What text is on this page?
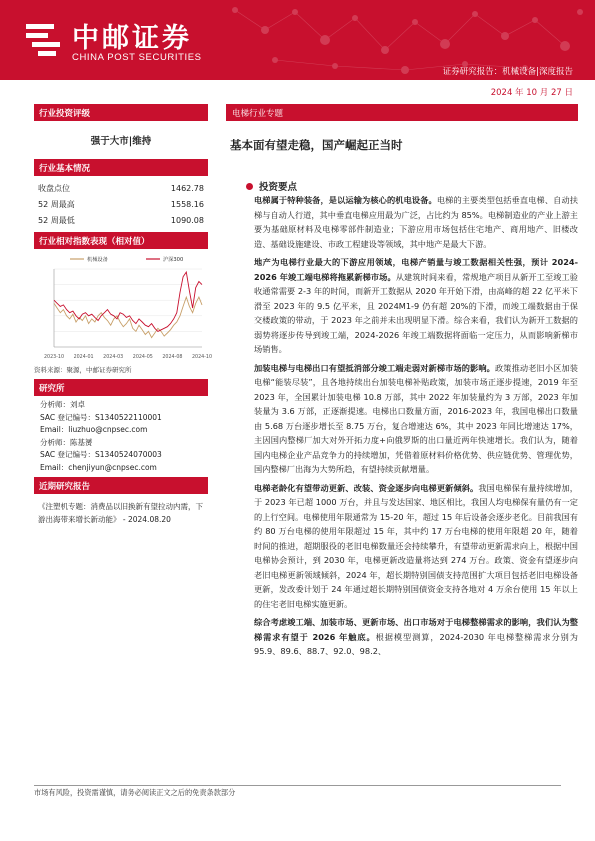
中邮证券
CHINA POST SECURITIES
证券研究报告：机械设备|深度报告
2024 年 10 月 27 日
行业投资评级
强于大市|维持
行业基本情况
收盘点位	1462.78
52 周最高	1558.16
52 周最低	1090.08
行业相对指数表现（相对值）
2023-10 2024-01 2024-03 2024-05 2024-08 2024-10
机械设备	沪深300
资料来源：聚源，中邮证券研究所
研究所
分析师：刘卓
SAC 登记编号：S1340522110001
Email：liuzhuo@cnpsec.com
分析师：陈基赟
SAC 登记编号：S1340524070003
Email：chenjiyun@cnpsec.com
近期研究报告
《注塑机专题：消费品以旧换新有望拉动内需，下游出海带来增长新动能》 - 2024.08.20
电梯行业专题
基本面有望走稳，国产崛起正当时
投资要点

电梯属于特种装备，是以运输为核心的机电设备。电梯的主要类型包括垂直电梯、自动扶梯与自动人行道，其中垂直电梯应用最为广泛，占比约为 85%。电梯制造业的产业上游主要为基础原材料及电梯零部件制造业；下游应用市场包括住宅地产、商用地产、旧楼改造、基础设施建设、市政工程建设等领域，其中地产是最大下游。

地产为电梯行业最大的下游应用领域，电梯产销量与竣工数据相关性强，预计 2024-2026 年竣工端电梯将拖累新梯市场。从建筑时间来看，常规地产项目从新开工至竣工验收通常需要 2-3 年的时间，而新开工数据从 2020 年开始下滑，由高峰的超 22 亿平米下滑至 2023 年的 9.5 亿平米，且 2024M1-9 仍有超 20%的下滑，而竣工端数据由于保交楼政策的带动，于 2023 年之前并未出现明显下滑。综合来看，我们认为新开工数据的弱势将逐步传导到竣工端，2024-2026 年竣工端数据将面临一定压力，从而影响新梯市场销售。

加装电梯与电梯出口有望抵消部分竣工端走弱对新梯市场的影响。政策推动老旧小区加装电梯“能装尽装”，且各地持续出台加装电梯补贴政策，加装市场正逐步提速，2019 年至 2023 年，全国累计加装电梯 10.8 万部，其中 2022 年加装量约为 3 万部，2023 年加装量为 3.6 万部，正逐渐提速。电梯出口数量方面，2016-2023 年，我国电梯出口数量由 5.68 万台逐步增长至 8.75 万台，复合增速达 6%，其中 2023 年同比增速达 17%，主因国内整梯厂加大对外开拓力度+向俄罗斯的出口量近两年快速增长。我们认为，随着国内电梯企业产品竞争力的持续增加，凭借着原材料价格优势、供应链优势、管理优势，国内整梯厂出海为大势所趋，有望持续贡献增量。

电梯老龄化有望带动更新、改装、资金逐步向电梯更新倾斜。我国电梯保有量持续增加，于 2023 年已超 1000 万台，并且与发达国家、地区相比，我国人均电梯保有量仍有一定的上行空间。电梯使用年限通常为 15-20 年，超过 15 年后设备会逐步老化。目前我国有约 80 万台电梯的使用年限超过 15 年，其中约 17 万台电梯的使用年限超 20 年，随着时间的推进，超期服役的老旧电梯数量还会持续攀升，有望带动更新需求向上，根据中国电梯协会预计，到 2030 年，电梯更新改造量将达到 274 万台。政策、资金有望逐步向老旧电梯更新领域倾斜，2024 年，超长期特别国债支持范围扩大项目包括老旧电梯设备更新，发改委计划于 24 年通过超长期特别国债资金支持各地对 4 万余台使用 15 年以上的住宅老旧电梯实施更新。

综合考虑竣工端、加装市场、更新市场、出口市场对于电梯整梯需求的影响，我们认为整梯需求有望于 2026 年触底。根据模型测算，2024-2030 年电梯整梯需求分别为 95.9、89.6、88.7、92.0、98.2、

市场有风险，投资需谨慎，请务必阅读正文之后的免责条款部分
